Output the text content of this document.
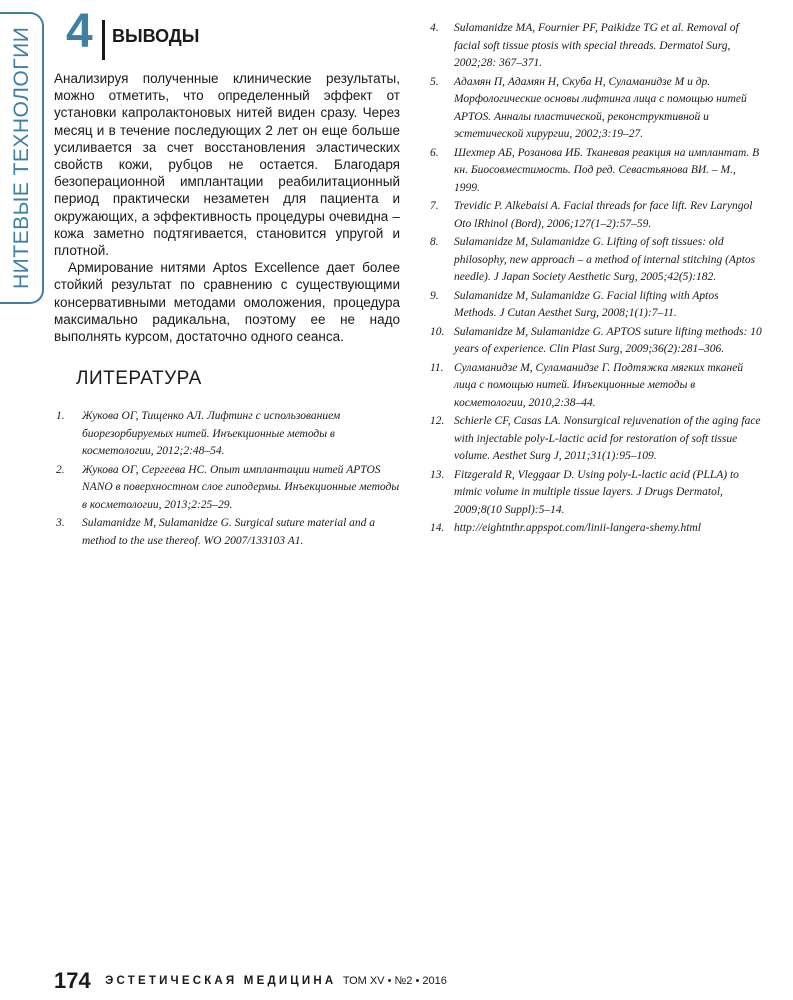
НИТЕВЫЕ ТЕХНОЛОГИИ 4 ВЫВОДЫ

Анализируя полученные клинические результаты, можно отметить, что определенный эффект от установки капролактоновых нитей виден сразу. Через месяц и в течение последующих 2 лет он еще больше усиливается за счет восстановления эластических свойств кожи, рубцов не остается. Благодаря безоперационной имплантации реабилитационный период практически незаметен для пациента и окружающих, а эффективность процедуры очевидна – кожа заметно подтягивается, становится упругой и плотной.

Армирование нитями Aptos Excellence дает более стойкий результат по сравнению с существующими консервативными методами омоложения, процедура максимально радикальна, поэтому ее не надо выполнять курсом, достаточно одного сеанса.

ЛИТЕРАТУРА
1. Жукова ОГ, Тищенко АЛ. Лифтинг с использованием биорезорбируемых нитей. Инъекционные методы в косметологии, 2012;2:48–54.
2. Жукова ОГ, Сергеева НС. Опыт имплантации нитей APTOS NANO в поверхностном слое гиподермы. Инъекционные методы в косметологии, 2013;2:25–29.
3. Sulamanidze M, Sulamanidze G. Surgical suture material and a method to the use thereof. WO 2007/133103 A1.
4. Sulamanidze MA, Fournier PF, Paikidze TG et al. Removal of facial soft tissue ptosis with special threads. Dermatol Surg, 2002;28: 367–371.
5. Адамян П, Адамян Н, Скуба Н, Суламанидзе М и др. Морфологические основы лифтинга лица с помощью нитей APTOS. Анналы пластической, реконструктивной и эстетической хирургии, 2002;3:19–27.
6. Шехтер АБ, Розанова ИБ. Тканевая реакция на имплантат. В кн. Биосовместимость. Под ред. Севастьянова ВИ. – М., 1999.
7. Trevidic P. Alkebaisi A. Facial threads for face lift. Rev Laryngol Oto lRhinol (Bord), 2006;127(1–2):57–59.
8. Sulamanidze M, Sulamanidze G. Lifting of soft tissues: old philosophy, new approach – a method of internal stitching (Aptos needle). J Japan Society Aesthetic Surg, 2005;42(5):182.
9. Sulamanidze M, Sulamanidze G. Facial lifting with Aptos Methods. J Cutan Aesthet Surg, 2008;1(1):7–11.
10. Sulamanidze M, Sulamanidze G. APTOS suture lifting methods: 10 years of experience. Clin Plast Surg, 2009;36(2):281–306.
11. Суламанидзе М, Суламанидзе Г. Подтяжка мягких тканей лица с помощью нитей. Инъекционные методы в косметологии, 2010,2:38–44.
12. Schierle CF, Casas LA. Nonsurgical rejuvenation of the aging face with injectable poly-L-lactic acid for restoration of soft tissue volume. Aesthet Surg J, 2011;31(1):95–109.
13. Fitzgerald R, Vleggaar D. Using poly-L-lactic acid (PLLA) to mimic volume in multiple tissue layers. J Drugs Dermatol, 2009;8(10 Suppl):5–14.
14. http://eightnthr.appspot.com/linii-langera-shemy.html
174 ЭСТЕТИЧЕСКАЯ МЕДИЦИНА ТОМ XV • №2 • 2016
